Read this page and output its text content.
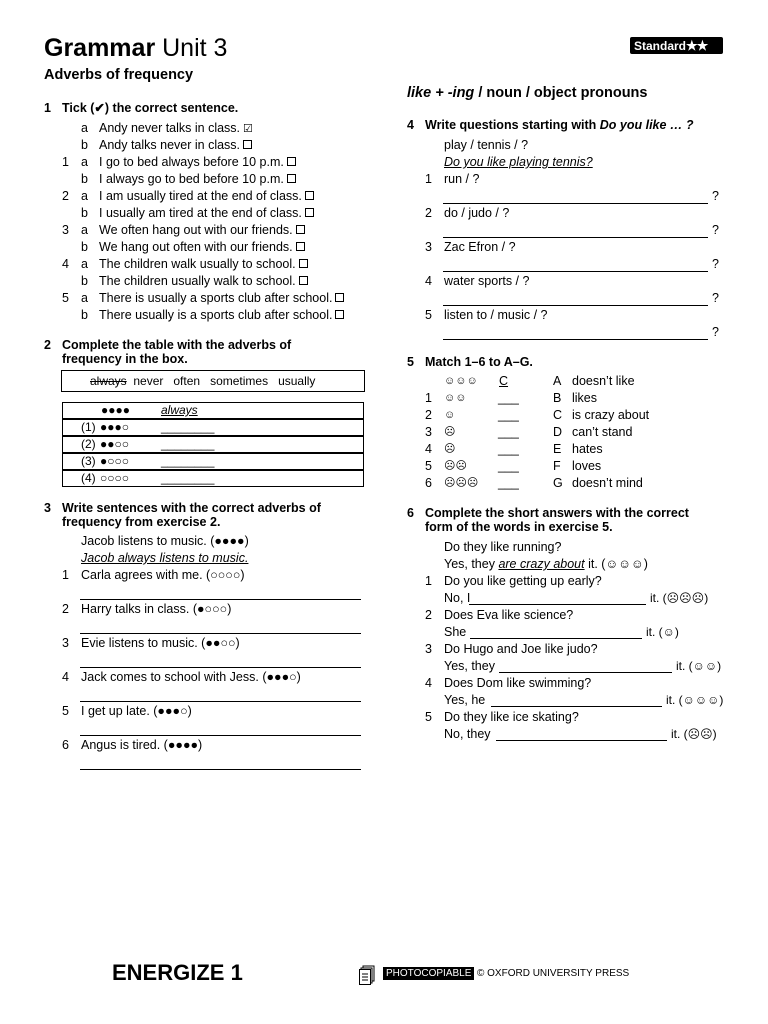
Grammar Unit 3	Standard★★
Adverbs of frequency
like + -ing / noun / object pronouns
1 Tick (✔) the correct sentence.
a Andy never talks in class. ☑
b Andy talks never in class.
1 a I go to bed always before 10 p.m.
b I always go to bed before 10 p.m.
2 a I am usually tired at the end of class.
b I usually am tired at the end of class.
3 a We often hang out with our friends.
b We hang out often with our friends.
4 a The children walk usually to school.
b The children usually walk to school.
5 a There is usually a sports club after school.
b There usually is a sports club after school.
2 Complete the table with the adverbs of
frequency in the box.
always  never   often   sometimes   usually
●●●●	always
(1) ●●●○	________
(2) ●●○○	________
(3) ●○○○	________
(4) ○○○○	________
3 Write sentences with the correct adverbs of
frequency from exercise 2.
Jacob listens to music. (●●●●)
Jacob always listens to music.
1 Carla agrees with me. (○○○○)
2 Harry talks in class. (●○○○)
3 Evie listens to music. (●●○○)
4 Jack comes to school with Jess. (●●●○)
5 I get up late. (●●●○)
6 Angus is tired. (●●●●)
4 Write questions starting with Do you like … ?
play / tennis / ?
Do you like playing tennis?
1 run / ?
?
2 do / judo / ?
?
3 Zac Efron / ?
?
4 water sports / ?
?
5 listen to / music / ?
?
5 Match 1–6 to A–G.
☺☺☺ C	A doesn’t like
1 ☺☺	___	B likes
2 ☺	___	C is crazy about
3 ☹	___	D can’t stand
4 ☹	___	E hates
5 ☹☹ ___	F loves
6 ☹☹☹ ___	G doesn’t mind
6 Complete the short answers with the correct
form of the words in exercise 5.
Do they like running?
Yes, they are crazy about it. (☺☺☺)
1 Do you like getting up early?
No, I	it. (☹☹☹)
2 Does Eva like science?
She	it. (☺)
3 Do Hugo and Joe like judo?
Yes, they	it. (☺☺)
4 Does Dom like swimming?
Yes, he	it. (☺☺☺)
5 Do they like ice skating?
No, they	it. (☹☹)
ENERGIZE 1	PHOTOCOPIABLE © OXFORD UNIVERSITY PRESS
